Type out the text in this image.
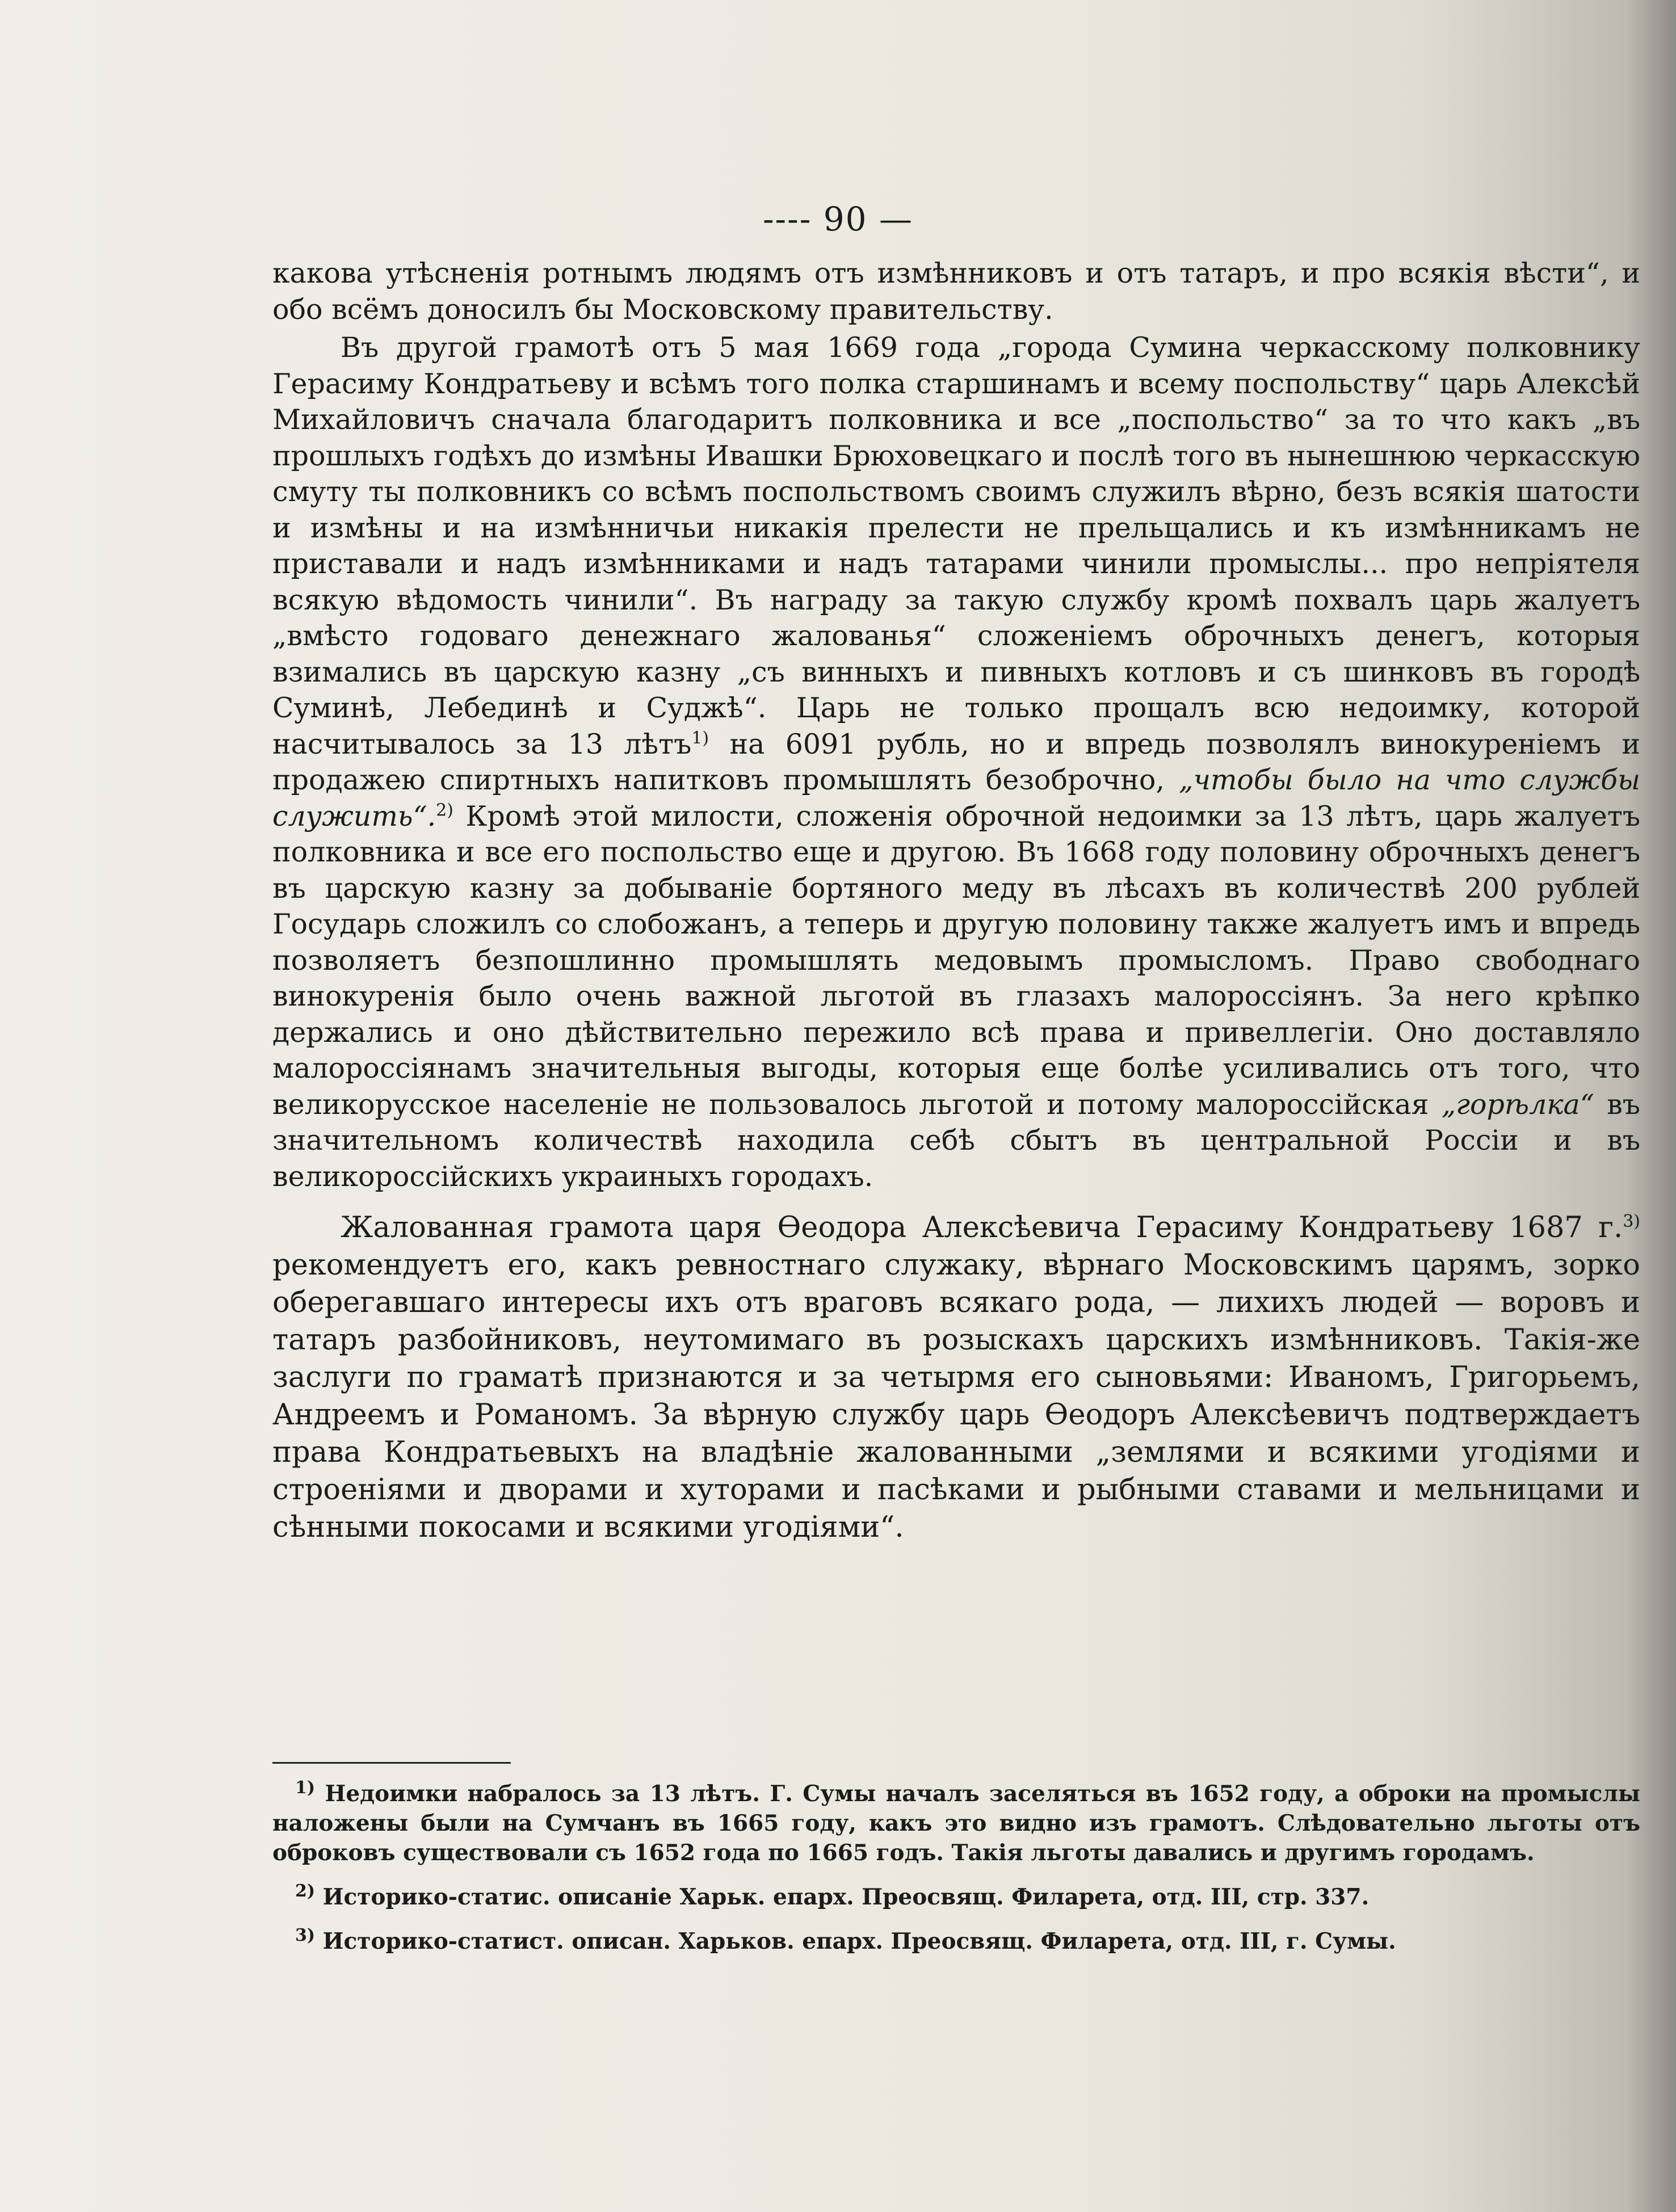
---- 90 —

какова утѣсненія ротнымъ людямъ отъ измѣнниковъ и отъ татаръ, и про всякія вѣсти“, и обо всёмъ доносилъ бы Московскому правительству.

Въ другой грамотѣ отъ 5 мая 1669 года „города Сумина черкасскому полковнику Герасиму Кондратьеву и всѣмъ того полка старшинамъ и всему поспольству“ царь Алексѣй Михайловичъ сначала благодаритъ полковника и все „поспольство“ за то что какъ „въ прошлыхъ годѣхъ до измѣны Ивашки Брюховецкаго и послѣ того въ нынешнюю черкасскую смуту ты полковникъ со всѣмъ поспольствомъ своимъ служилъ вѣрно, безъ всякія шатости и измѣны и на измѣнничьи никакія прелести не прельщались и къ измѣнникамъ не приставали и надъ измѣнниками и надъ татарами чинили промыслы... про непріятеля всякую вѣдомость чинили“. Въ награду за такую службу кромѣ похвалъ царь жалуетъ „вмѣсто годоваго денежнаго жалованья“ сложеніемъ оброчныхъ денегъ, которыя взимались въ царскую казну „съ винныхъ и пивныхъ котловъ и съ шинковъ въ городѣ Суминѣ, Лебединѣ и Суджѣ“. Царь не только прощалъ всю недоимку, которой насчитывалось за 13 лѣтъ$^{1)}$ на 6091 рубль, но и впредь позволялъ винокуреніемъ и продажею спиртныхъ напитковъ промышлять безоброчно, „чтобы было на что службы служить“.$^{2)}$ Кромѣ этой милости, сложенія оброчной недоимки за 13 лѣтъ, царь жалуетъ полковника и все его поспольство еще и другою. Въ 1668 году половину оброчныхъ денегъ въ царскую казну за добываніе бортяного меду въ лѣсахъ въ количествѣ 200 рублей Государь сложилъ со слобожанъ, а теперь и другую половину также жалуетъ имъ и впредь позволяетъ безпошлинно промышлять медовымъ промысломъ. Право свободнаго винокуренія было очень важной льготой въ глазахъ малороссіянъ. За него крѣпко держались и оно дѣйствительно пережило всѣ права и привеллегіи. Оно доставляло малороссіянамъ значительныя выгоды, которыя еще болѣе усиливались отъ того, что великорусское населеніе не пользовалось льготой и потому малороссійская „горѣлка“ въ значительномъ количествѣ находила себѣ сбытъ въ центральной Россіи и въ великороссійскихъ украиныхъ городахъ.

Жалованная грамота царя Ѳеодора Алексѣевича Герасиму Кондратьеву 1687 г.$^{3)}$ рекомендуетъ его, какъ ревностнаго служаку, вѣрнаго Московскимъ царямъ, зорко оберегавшаго интересы ихъ отъ враговъ всякаго рода, — лихихъ людей — воровъ и татаръ разбойниковъ, неутомимаго въ розыскахъ царскихъ измѣнниковъ. Такія-же заслуги по граматѣ признаются и за четырмя его сыновьями: Иваномъ, Григорьемъ, Андреемъ и Романомъ. За вѣрную службу царь Ѳеодоръ Алексѣевичъ подтверждаетъ права Кондратьевыхъ на владѣніе жалованными „землями и всякими угодіями и строеніями и дворами и хуторами и пасѣками и рыбными ставами и мельницами и сѣнными покосами и всякими угодіями“.

$^{1)}$ Недоимки набралось за 13 лѣтъ. Г. Сумы началъ заселяться въ 1652 году, а оброки на промыслы наложены были на Сумчанъ въ 1665 году, какъ это видно изъ грамотъ. Слѣдовательно льготы отъ оброковъ существовали съ 1652 года по 1665 годъ. Такія льготы давались и другимъ городамъ.

$^{2)}$ Историко-статис. описаніе Харьк. епарх. Преосвящ. Филарета, отд. III, стр. 337.

$^{3)}$ Историко-статист. описан. Харьков. епарх. Преосвящ. Филарета, отд. III, г. Сумы.
